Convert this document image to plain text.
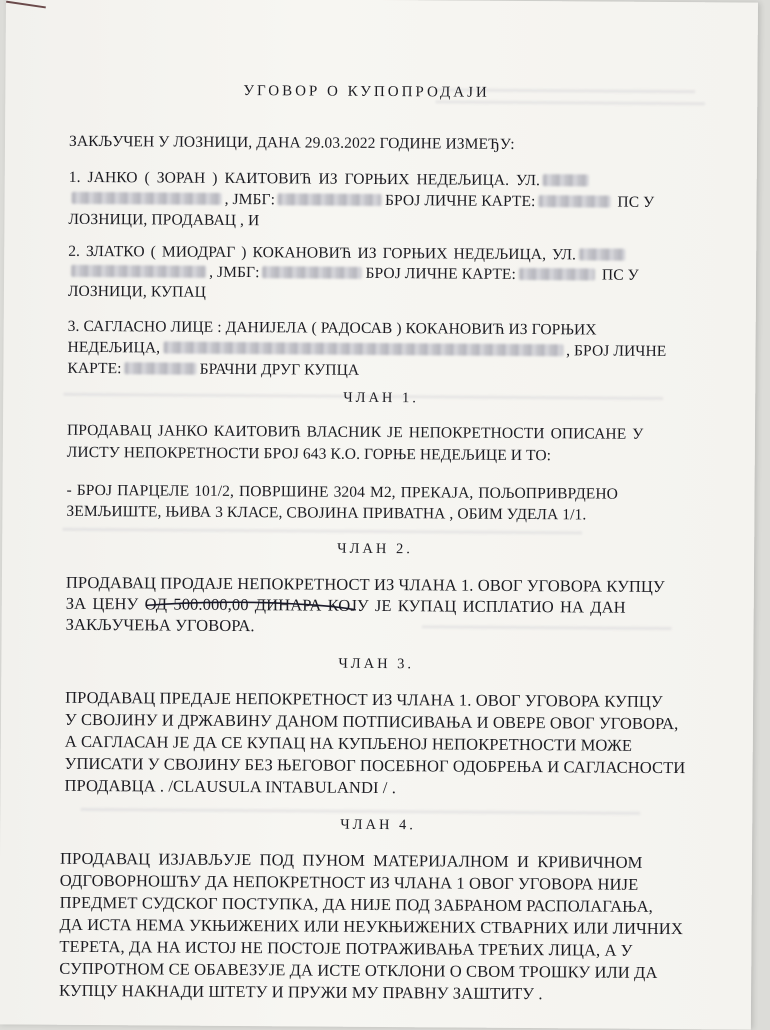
УГОВОР О КУПОПРОДАЈИ
ЗАКЉУЧЕН У ЛОЗНИЦИ, ДАНА 29.03.2022 ГОДИНЕ ИЗМЕЂУ:
1. ЈАНКО ( ЗОРАН ) КАИТОВИЋ ИЗ ГОРЊИХ НЕДЕЉИЦА. УЛ.
, ЈМБГ:	БРОЈ ЛИЧНЕ КАРТЕ:	ПС У
ЛОЗНИЦИ, ПРОДАВАЦ , И
2. ЗЛАТКО ( МИОДРАГ ) КОКАНОВИЋ ИЗ ГОРЊИХ НЕДЕЉИЦА, УЛ.
, ЈМБГ:	БРОЈ ЛИЧНЕ КАРТЕ:	ПС У
ЛОЗНИЦИ, КУПАЦ
3. САГЛАСНО ЛИЦЕ : ДАНИЈЕЛА ( РАДОСАВ ) КОКАНОВИЋ ИЗ ГОРЊИХ
НЕДЕЉИЦА,	, БРОЈ ЛИЧНЕ
КАРТЕ:	БРАЧНИ ДРУГ КУПЦА
ЧЛАН 1.
ПРОДАВАЦ ЈАНКО КАИТОВИЋ ВЛАСНИК ЈЕ НЕПОКРЕТНОСТИ ОПИСАНЕ У
ЛИСТУ НЕПОКРЕТНОСТИ БРОЈ 643 К.О. ГОРЊЕ НЕДЕЉИЦЕ И ТО:
- БРОЈ ПАРЦЕЛЕ 101/2, ПОВРШИНЕ 3204 М2, ПРЕКАЈА, ПОЉОПРИВРДЕНО
ЗЕМЉИШТЕ, ЊИВА 3 КЛАСЕ, СВОЈИНА ПРИВАТНА , ОБИМ УДЕЛА 1/1.
ЧЛАН 2.
ПРОДАВАЦ ПРОДАЈЕ НЕПОКРЕТНОСТ ИЗ ЧЛАНА 1. ОВОГ УГОВОРА КУПЦУ
ЗА ЦЕНУ ОД 500.000,00 ДИНАРА КОЈУ ЈЕ КУПАЦ ИСПЛАТИО НА ДАН
ЗАКЉУЧЕЊА УГОВОРА.
ЧЛАН 3.
ПРОДАВАЦ ПРЕДАЈЕ НЕПОКРЕТНОСТ ИЗ ЧЛАНА 1. ОВОГ УГОВОРА КУПЦУ
У СВОЈИНУ И ДРЖАВИНУ ДАНОМ ПОТПИСИВАЊА И ОВЕРЕ ОВОГ УГОВОРА,
А САГЛАСАН ЈЕ ДА СЕ КУПАЦ НА КУПЉЕНОЈ НЕПОКРЕТНОСТИ МОЖЕ
УПИСАТИ У СВОЈИНУ БЕЗ ЊЕГОВОГ ПОСЕБНОГ ОДОБРЕЊА И САГЛАСНОСТИ
ПРОДАВЦА . /CLAUSULA INTABULANDI / .
ЧЛАН 4.
ПРОДАВАЦ ИЗЈАВЉУЈЕ ПОД ПУНОМ МАТЕРИЈАЛНОМ И КРИВИЧНОМ
ОДГОВОРНОШЋУ ДА НЕПОКРЕТНОСТ ИЗ ЧЛАНА 1 ОВОГ УГОВОРА НИЈЕ
ПРЕДМЕТ СУДСКОГ ПОСТУПКА, ДА НИЈЕ ПОД ЗАБРАНОМ РАСПОЛАГАЊА,
ДА ИСТА НЕМА УКЊИЖЕНИХ ИЛИ НЕУКЊИЖЕНИХ СТВАРНИХ ИЛИ ЛИЧНИХ
ТЕРЕТА, ДА НА ИСТОЈ НЕ ПОСТОЈЕ ПОТРАЖИВАЊА ТРЕЋИХ ЛИЦА, А У
СУПРОТНОМ СЕ ОБАВЕЗУЈЕ ДА ИСТЕ ОТКЛОНИ О СВОМ ТРОШКУ ИЛИ ДА
КУПЦУ НАКНАДИ ШТЕТУ И ПРУЖИ МУ ПРАВНУ ЗАШТИТУ .
